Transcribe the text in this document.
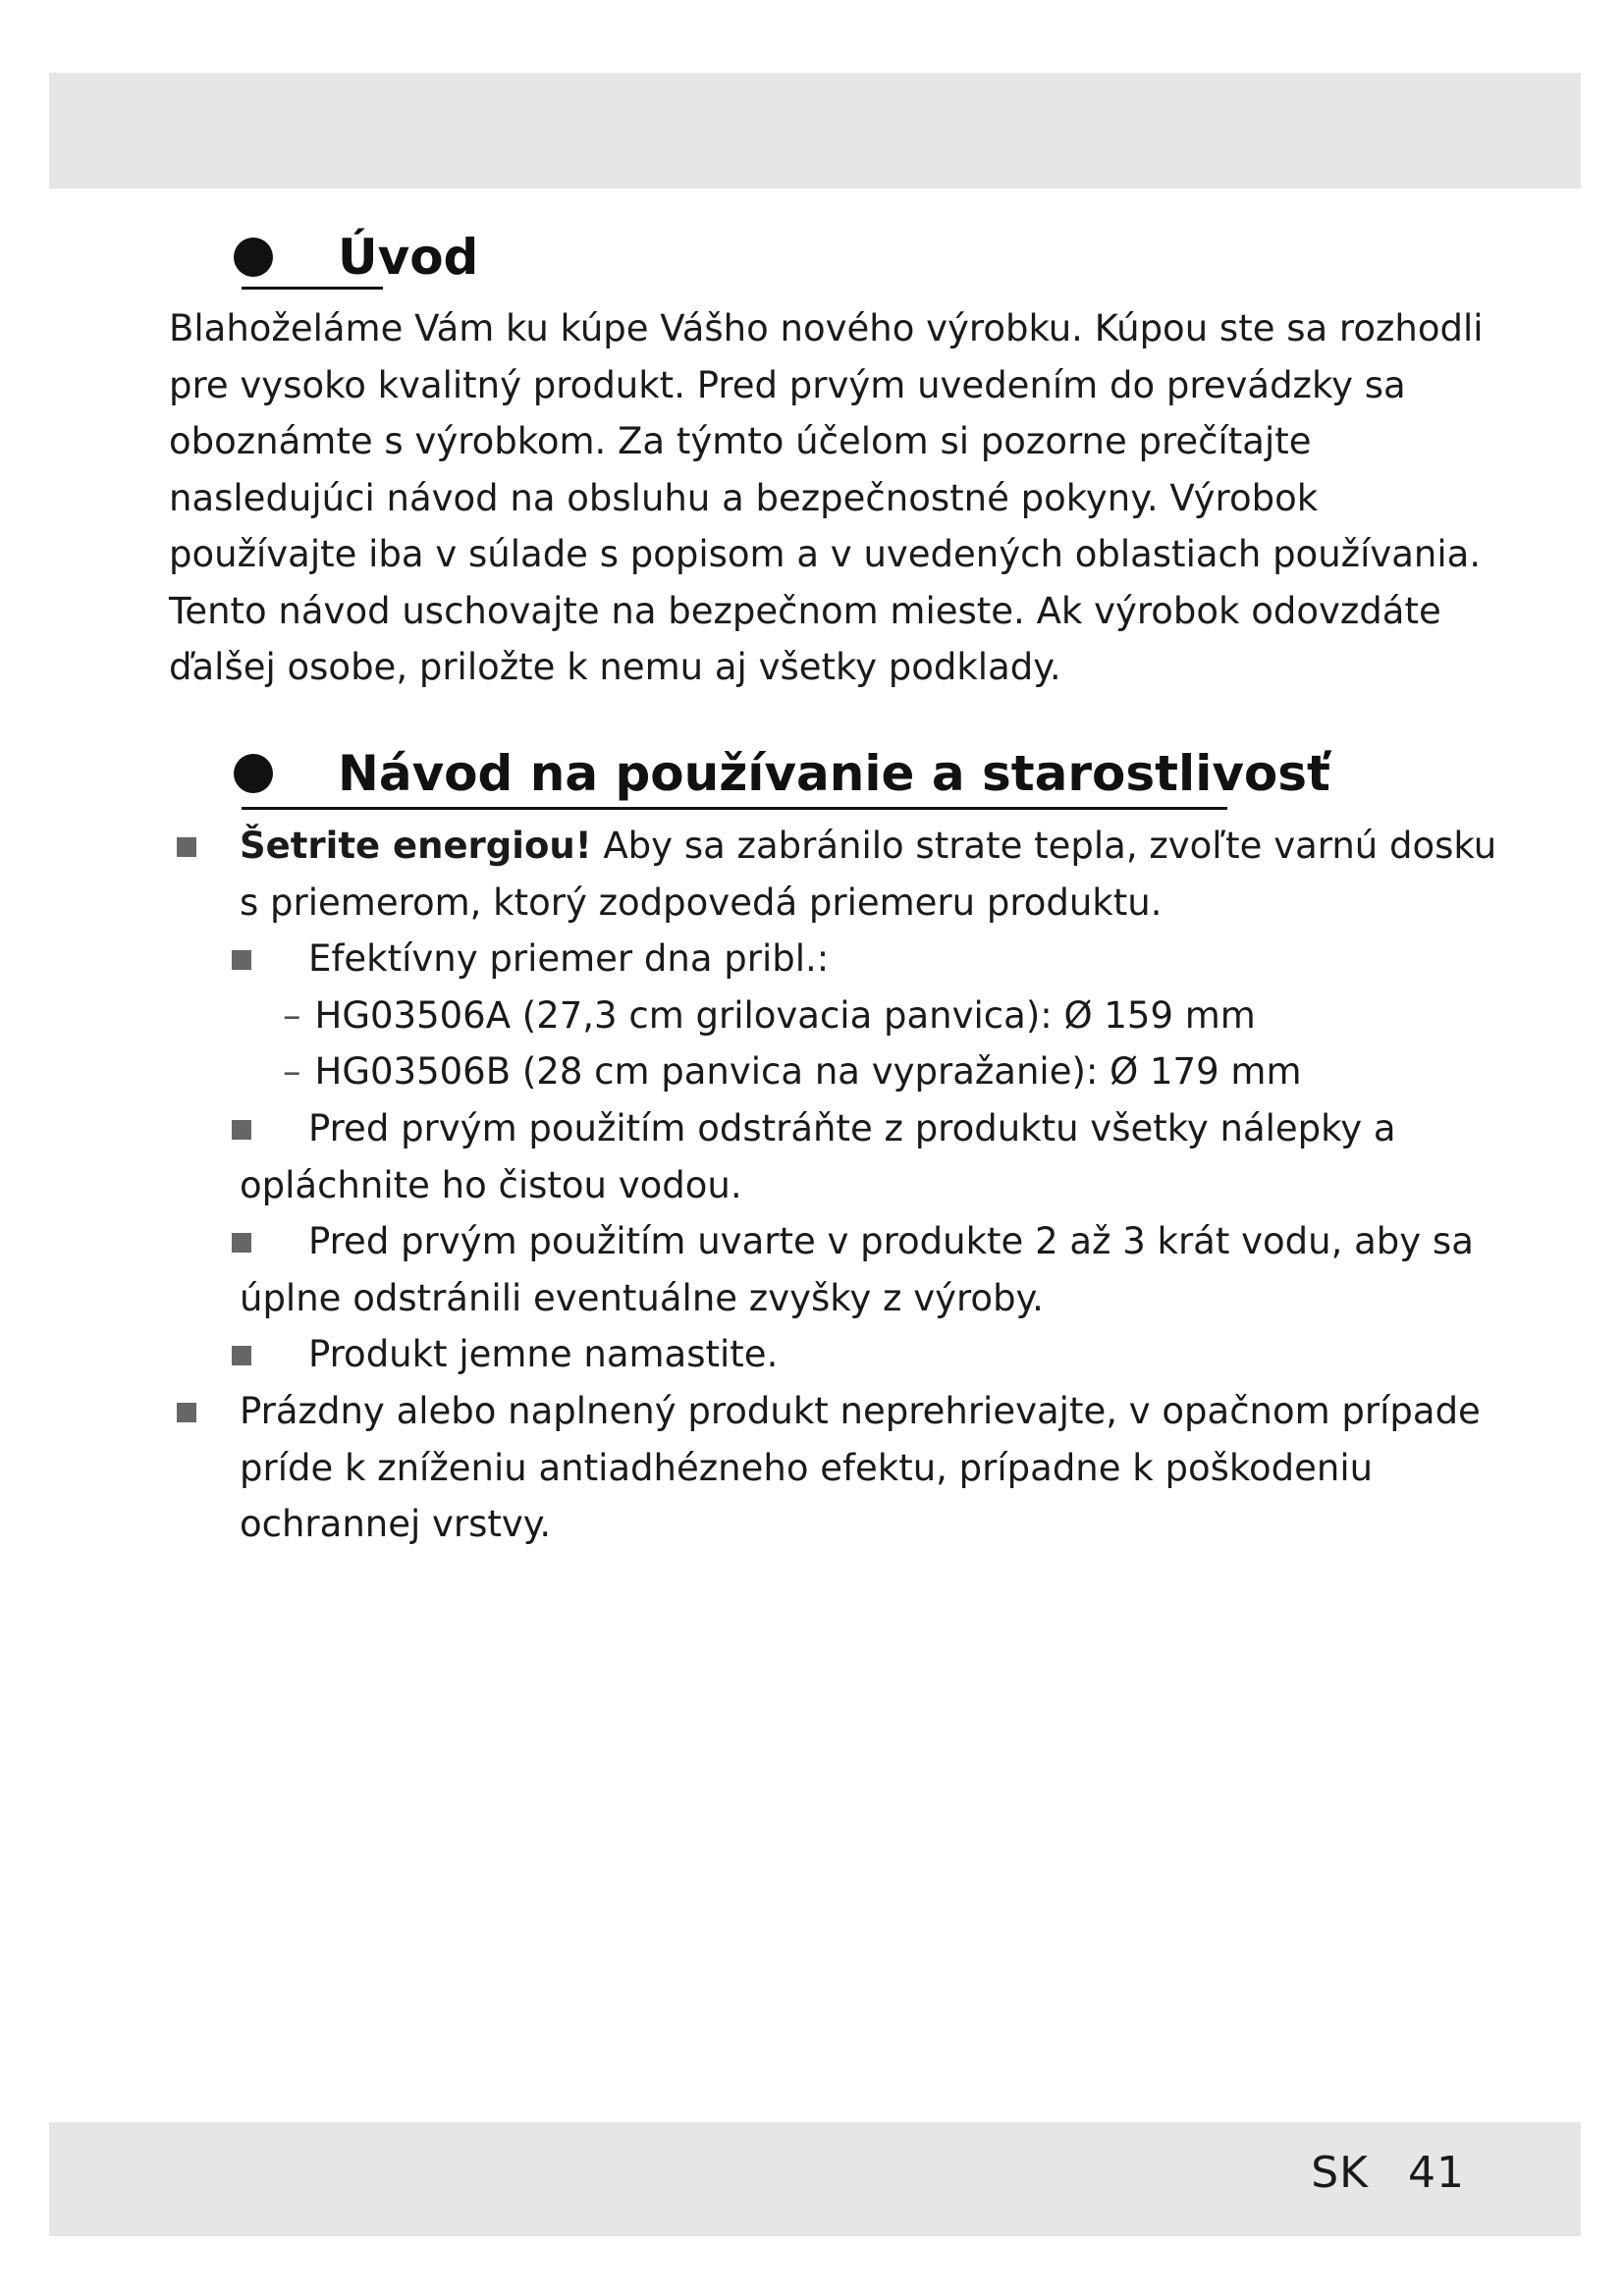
Úvod

Blahoželáme Vám ku kúpe Vášho nového výrobku. Kúpou ste sa rozhodli pre vysoko kvalitný produkt. Pred prvým uvedením do prevádzky sa oboznámte s výrobkom. Za týmto účelom si pozorne prečítajte nasledujúci návod na obsluhu a bezpečnostné pokyny. Výrobok používajte iba v súlade s popisom a v uvedených oblastiach používania. Tento návod uschovajte na bezpečnom mieste. Ak výrobok odovzdáte ďalšej osobe, priložte k nemu aj všetky podklady.

Návod na používanie a starostlivosť

Šetrite energiou! Aby sa zabránilo strate tepla, zvoľte varnú dosku s priemerom, ktorý zodpovedá priemeru produktu.

Efektívny priemer dna pribl.:

– HG03506A (27,3 cm grilovacia panvica): Ø 159 mm

– HG03506B (28 cm panvica na vypražanie): Ø 179 mm

Pred prvým použitím odstráňte z produktu všetky nálepky a opláchnite ho čistou vodou.

Pred prvým použitím uvarte v produkte 2 až 3 krát vodu, aby sa úplne odstránili eventuálne zvyšky z výroby.

Produkt jemne namastite.

Prázdny alebo naplnený produkt neprehrievajte, v opačnom prípade príde k zníženiu antiadhézneho efektu, prípadne k poškodeniu ochrannej vrstvy.

SK 41
